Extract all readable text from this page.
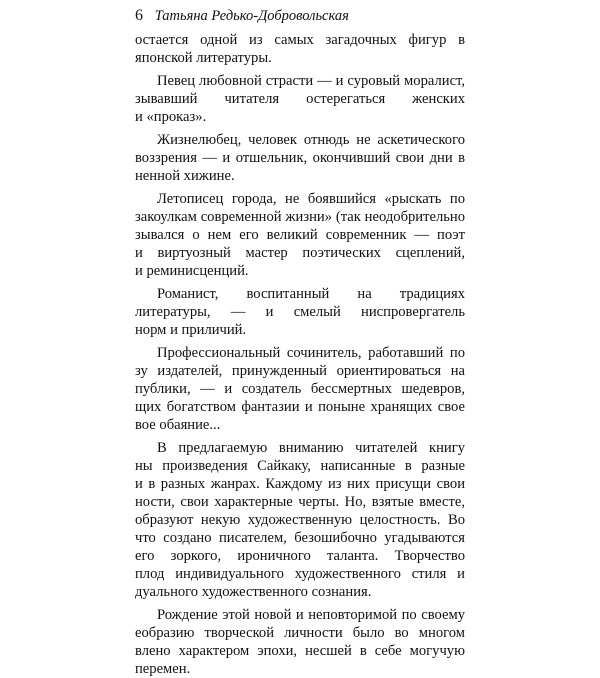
6 Татьяна Редько-Добровольская
остается одной из самых загадочных фигур в
японской литературы.
Певец любовной страсти — и суровый моралист,
зывавший читателя остерегаться женских
и «проказ».
Жизнелюбец, человек отнюдь не аскетического
воззрения — и отшельник, окончивший свои дни в
ненной хижине.
Летописец города, не боявшийся «рыскать по
закоулкам современной жизни» (так неодобрительно
зывался о нем его великий современник — поэт
и виртуозный мастер поэтических сцеплений,
и реминисценций.
Романист, воспитанный на традициях
литературы, — и смелый ниспровергатель
норм и приличий.
Профессиональный сочинитель, работавший по
зу издателей, принужденный ориентироваться на
публики, — и создатель бессмертных шедевров,
щих богатством фантазии и поныне хранящих свое
вое обаяние...
В предлагаемую вниманию читателей книгу
ны произведения Сайкаку, написанные в разные
и в разных жанрах. Каждому из них присущи свои
ности, свои характерные черты. Но, взятые вместе,
образуют некую художественную целостность. Во
что создано писателем, безошибочно угадываются
его зоркого, ироничного таланта. Творчество
плод индивидуального художественного стиля и
дуального художественного сознания.
Рождение этой новой и неповторимой по своему
еобразию творческой личности было во многом
влено характером эпохи, несшей в себе могучую
перемен.
